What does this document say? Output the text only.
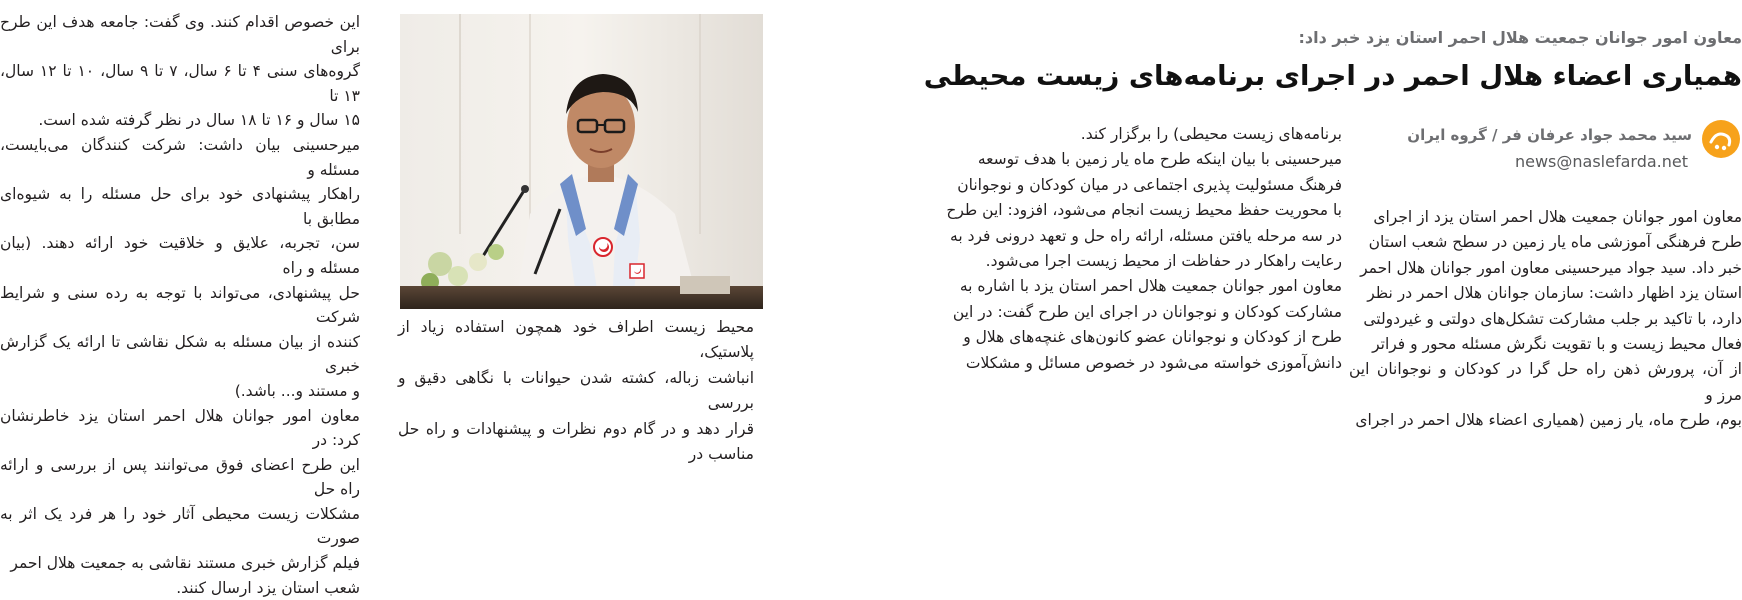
معاون امور جوانان جمعیت هلال احمر استان یزد خبر داد:
همیاری اعضاء هلال احمر در اجرای برنامه‌های زیست محیطی
سید محمد جواد عرفان فر / گروه ایران
news@naslefarda.net

معاون امور جوانان جمعیت هلال احمر استان یزد از اجرای

طرح فرهنگی آموزشی ماه یار زمین در سطح شعب استان

خبر داد. سید جواد میرحسینی معاون امور جوانان هلال احمر

استان یزد اظهار داشت: سازمان جوانان هلال احمر در نظر

دارد، با تاکید بر جلب مشارکت تشکل‌های دولتی و غیردولتی

فعال محیط زیست و با تقویت نگرش مسئله محور و فراتر

از آن، پرورش ذهن راه حل گرا در کودکان و نوجوانان این مرز و

بوم، طرح ماه، یار زمین (همیاری اعضاء هلال احمر در اجرای

برنامه‌های زیست محیطی) را برگزار کند.

میرحسینی با بیان اینکه طرح ماه یار زمین با هدف توسعه

فرهنگ مسئولیت پذیری اجتماعی در میان کودکان و نوجوانان

با محوریت حفظ محیط زیست انجام می‌شود، افزود: این طرح

در سه مرحله یافتن مسئله، ارائه راه حل و تعهد درونی فرد به

رعایت راهکار در حفاظت از محیط زیست اجرا می‌شود.

معاون امور جوانان جمعیت هلال احمر استان یزد با اشاره به

مشارکت کودکان و نوجوانان در اجرای این طرح گفت: در این

طرح از کودکان و نوجوانان عضو کانون‌های غنچه‌های هلال و

دانش‌آموزی خواسته می‌شود در خصوص مسائل و مشکلات

محیط زیست اطراف خود همچون استفاده زیاد از پلاستیک،

انباشت زباله، کشته شدن حیوانات با نگاهی دقیق و بررسی

قرار دهد و در گام دوم نظرات و پیشنهادات و راه حل مناسب در

این خصوص اقدام کنند. وی گفت: جامعه هدف این طرح برای

گروه‌های سنی ۴ تا ۶ سال، ۷ تا ۹ سال، ۱۰ تا ۱۲ سال، ۱۳ تا

۱۵ سال و ۱۶ تا ۱۸ سال در نظر گرفته شده است.

میرحسینی بیان داشت: شرکت کنندگان می‌بایست، مسئله و

راهکار پیشنهادی خود برای حل مسئله را به شیوه‌ای مطابق با

سن، تجربه، علایق و خلاقیت خود ارائه دهند. (بیان مسئله و راه

حل پیشنهادی، می‌تواند با توجه به رده سنی و شرایط شرکت

کننده از بیان مسئله به شکل نقاشی تا ارائه یک گزارش خبری

و مستند و... باشد.)

معاون امور جوانان هلال احمر استان یزد خاطرنشان کرد: در

این طرح اعضای فوق می‌توانند پس از بررسی و ارائه راه حل

مشکلات زیست محیطی آثار خود را هر فرد یک اثر به صورت

فیلم گزارش خبری مستند نقاشی به جمعیت هلال احمر

شعب استان یزد ارسال کنند.
